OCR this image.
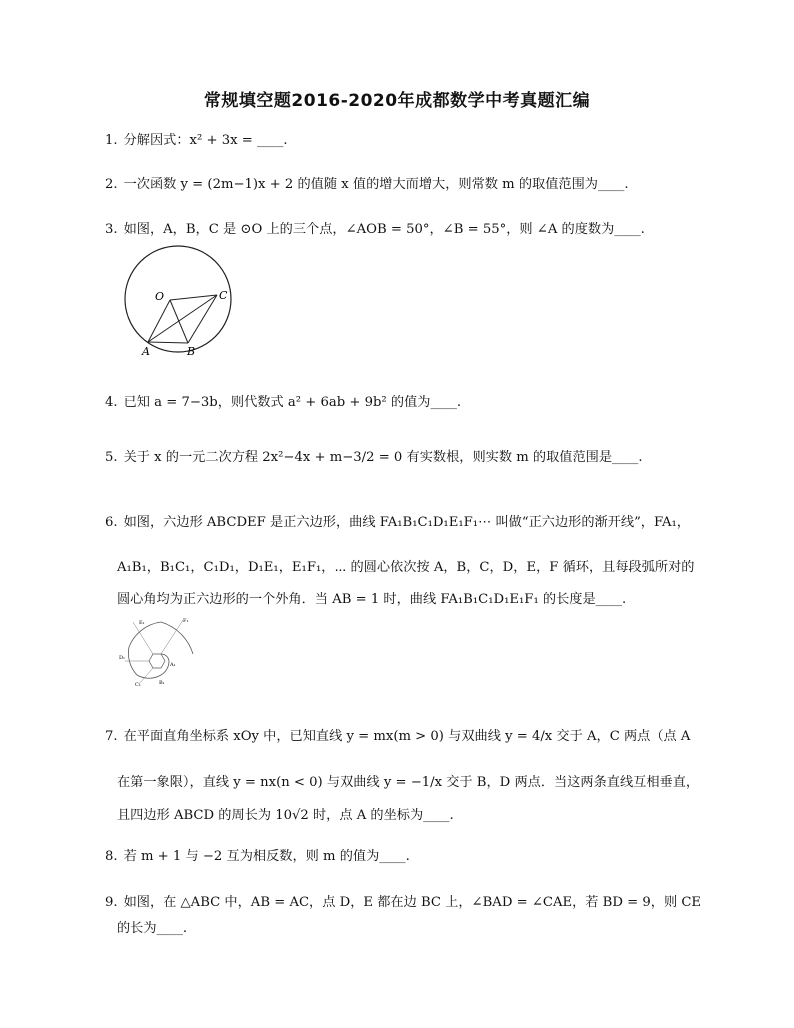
常规填空题2016-2020年成都数学中考真题汇编
1. 分解因式：x² + 3x = ____.
2. 一次函数 y = (2m−1)x + 2 的值随 x 值的增大而增大，则常数 m 的取值范围为____.
3. 如图，A，B，C 是 ⊙O 上的三个点，∠AOB = 50°，∠B = 55°，则 ∠A 的度数为____.
O	C
A	B
4. 已知 a = 7−3b，则代数式 a² + 6ab + 9b² 的值为____.
5. 关于 x 的一元二次方程 2x²−4x + m−3/2 = 0 有实数根，则实数 m 的取值范围是____.
6. 如图，六边形 ABCDEF 是正六边形，曲线 FA₁B₁C₁D₁E₁F₁⋯ 叫做“正六边形的渐开线”，FA₁，
A₁B₁，B₁C₁，C₁D₁，D₁E₁，E₁F₁，⋯ 的圆心依次按 A，B，C，D，E，F 循环，且每段弧所对的
圆心角均为正六边形的一个外角．当 AB = 1 时，曲线 FA₁B₁C₁D₁E₁F₁ 的长度是____.
E₁	F₁
D₁
C₁	B₁
A₁
7. 在平面直角坐标系 xOy 中，已知直线 y = mx(m > 0) 与双曲线 y = 4/x 交于 A，C 两点（点 A
在第一象限），直线 y = nx(n < 0) 与双曲线 y = −1/x 交于 B，D 两点．当这两条直线互相垂直，
且四边形 ABCD 的周长为 10√2 时，点 A 的坐标为____.
8. 若 m + 1 与 −2 互为相反数，则 m 的值为____.
9. 如图，在 △ABC 中，AB = AC，点 D，E 都在边 BC 上，∠BAD = ∠CAE，若 BD = 9，则 CE
的长为____.
